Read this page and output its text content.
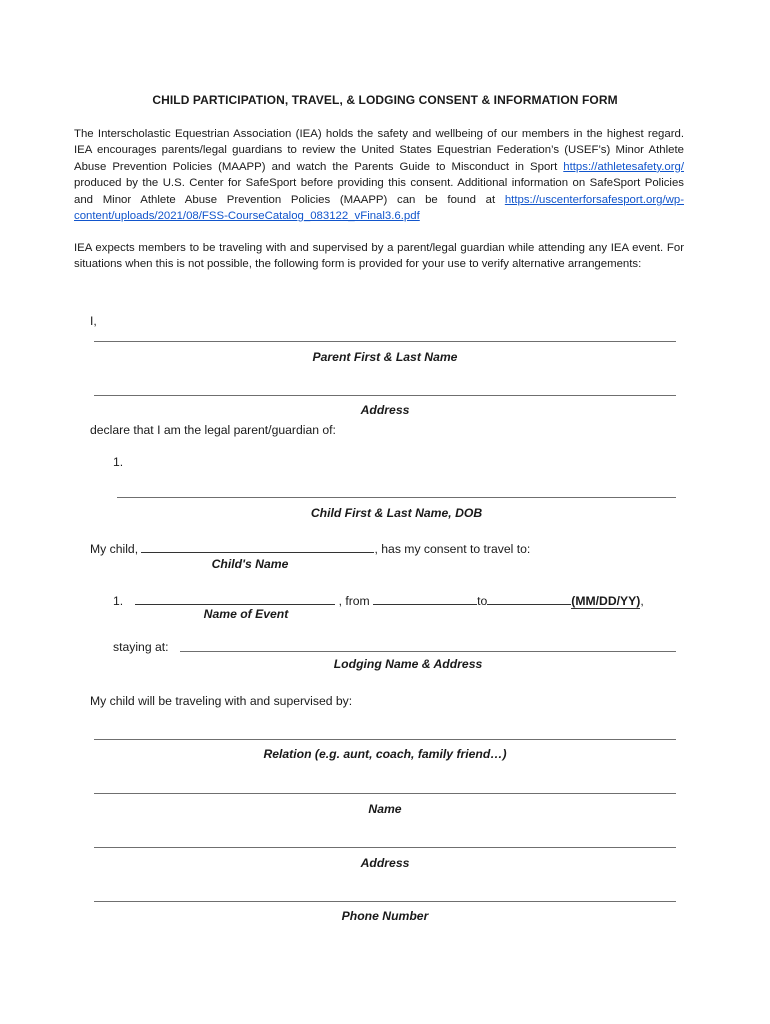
CHILD PARTICIPATION, TRAVEL, & LODGING CONSENT & INFORMATION FORM
The Interscholastic Equestrian Association (IEA) holds the safety and wellbeing of our members in the highest regard. IEA encourages parents/legal guardians to review the United States Equestrian Federation’s (USEF’s) Minor Athlete Abuse Prevention Policies (MAAPP) and watch the Parents Guide to Misconduct in Sport https://athletesafety.org/ produced by the U.S. Center for SafeSport before providing this consent. Additional information on SafeSport Policies and Minor Athlete Abuse Prevention Policies (MAAPP) can be found at https://uscenterforsafesport.org/wp-content/uploads/2021/08/FSS-CourseCatalog_083122_vFinal3.6.pdf
IEA expects members to be traveling with and supervised by a parent/legal guardian while attending any IEA event. For situations when this is not possible, the following form is provided for your use to verify alternative arrangements:
I,
Parent First & Last Name
Address
declare that I am the legal parent/guardian of:
1.
Child First & Last Name, DOB
My child,	, has my consent to travel to:
Child's Name
1.	, from	to	(MM/DD/YY),
Name of Event
staying at:
Lodging Name & Address
My child will be traveling with and supervised by:
Relation (e.g. aunt, coach, family friend…)
Name
Address
Phone Number
